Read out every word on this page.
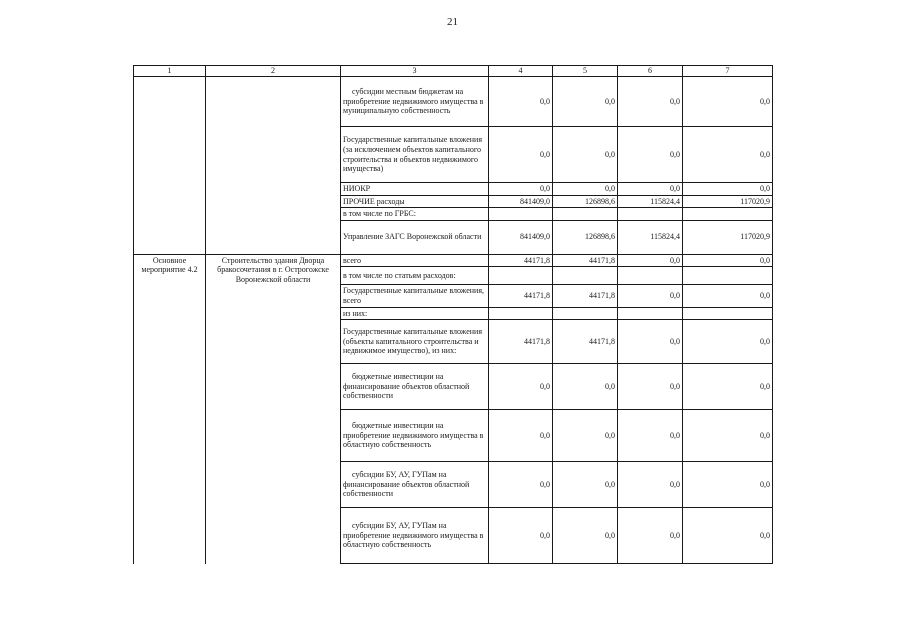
21
1	2	3	4	5	6	7
		субсидии местным бюджетам на приобретение недвижимого имущества в муниципальную собственность	0,0	0,0	0,0	0,0
		Государственные капитальные вложения (за исключением объектов капитального строительства и объектов недвижимого имущества)	0,0	0,0	0,0	0,0
		НИОКР	0,0	0,0	0,0	0,0
		ПРОЧИЕ расходы	841409,0	126898,6	115824,4	117020,9
		в том числе по ГРБС:				
		Управление ЗАГС Воронежской области	841409,0	126898,6	115824,4	117020,9
Основное мероприятие 4.2	Строительство здания Дворца бракосочетания в г. Острогожске Воронежской области	всего	44171,8	44171,8	0,0	0,0
		в том числе по статьям расходов:				
		Государственные капитальные вложения, всего	44171,8	44171,8	0,0	0,0
		из них:				
		Государственные капитальные вложения (объекты капитального строительства и недвижимое имущество), из них:	44171,8	44171,8	0,0	0,0
		бюджетные инвестиции на финансирование объектов областной собственности	0,0	0,0	0,0	0,0
		бюджетные инвестиции на приобретение недвижимого имущества в областную собственность	0,0	0,0	0,0	0,0
		субсидии БУ, АУ, ГУПам на финансирование объектов областной собственности	0,0	0,0	0,0	0,0
		субсидии БУ, АУ, ГУПам на приобретение недвижимого имущества в областную собственность	0,0	0,0	0,0	0,0
